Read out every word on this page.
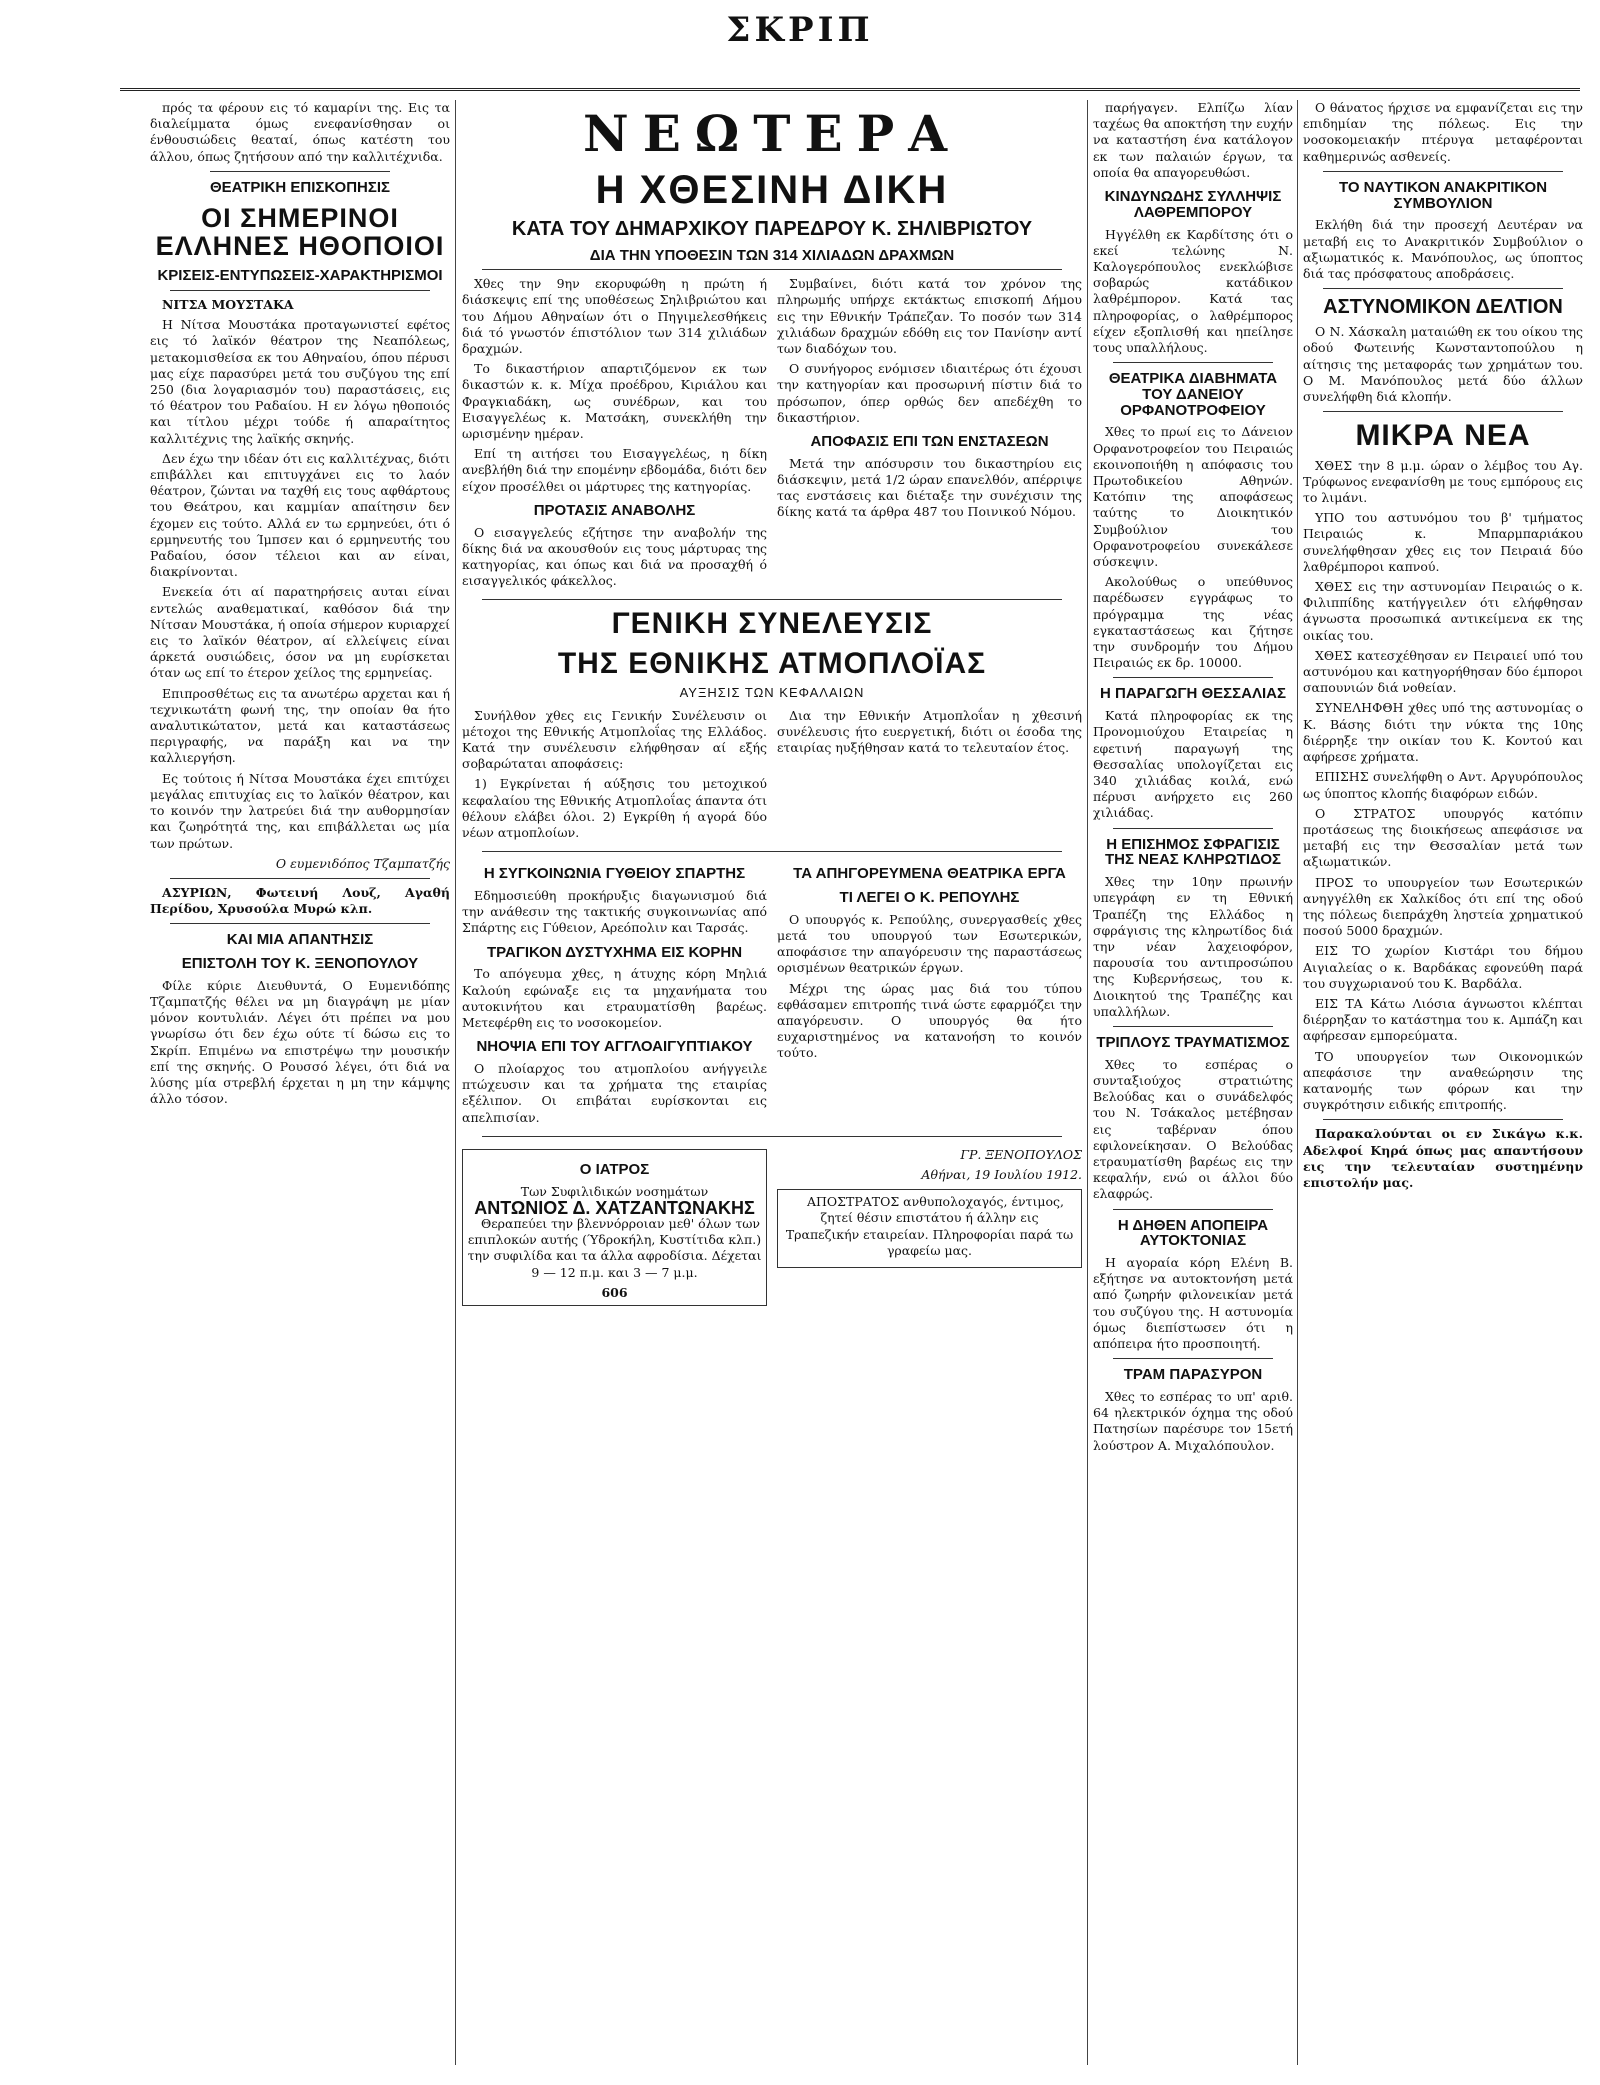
ΣΚΡΙΠ

πρός τα φέρουν εις τό καμαρίνι της. Εις τα διαλείμματα όμως ενεφανίσθησαν οι ένθουσιώδεις θεαταί, όπως κατέστη του άλλου, όπως ζητήσουν από την καλλιτέχνιδα.

ΘΕΑΤΡΙΚΗ ΕΠΙΣΚΟΠΗΣΙΣ
ΟΙ ΣΗΜΕΡΙΝΟΙ ΕΛΛΗΝΕΣ ΗΘΟΠΟΙΟΙ
ΚΡΙΣΕΙΣ-ΕΝΤΥΠΩΣΕΙΣ-ΧΑΡΑΚΤΗΡΙΣΜΟΙ

ΝΙΤΣΑ ΜΟΥΣΤΑΚΑ

Η Νίτσα Μουστάκα προταγωνιστεί εφέτος εις τό λαϊκόν θέατρον της Νεαπόλεως, μετακομισθείσα εκ του Αθηναίου, όπου πέρυσι μας είχε παρασύρει μετά του συζύγου της επί 250 (δια λογαριασμόν του) παραστάσεις, εις τό θέατρον του Ραδαίου. Η εν λόγω ηθοποιός και τίτλου μέχρι τούδε ή απαραίτητος καλλιτέχνις της λαϊκής σκηνής.

Δεν έχω την ιδέαν ότι εις καλλιτέχνας, διότι επιβάλλει και επιτυγχάνει εις το λαόν θέατρον, ζώνται να ταχθή εις τους αφθάρτους του Θεάτρου, και καμμίαν απαίτησιν δεν έχομεν εις τούτο. Αλλά εν τω ερμηνεύει, ότι ό ερμηνευτής του Ίμπσεν και ό ερμηνευτής του Ραδαίου, όσον τέλειοι και αν είναι, διακρίνονται.

Ενεκεία ότι αί παρατηρήσεις αυται είναι εντελώς αναθεματικαί, καθόσον διά την Νίτσαν Μουστάκα, ή οποία σήμερον κυριαρχεί εις το λαϊκόν θέατρον, αί ελλείψεις είναι άρκετά ουσιώδεις, όσον να μη ευρίσκεται όταν ως επί το έτερον χείλος της ερμηνείας.

Επιπροσθέτως εις τα ανωτέρω αρχεται και ή τεχνικωτάτη φωνή της, την οποίαν θα ήτο αναλυτικώτατον, μετά και καταστάσεως περιγραφής, να παράξη και να την καλλιεργήση.

Ες τούτοις ή Νίτσα Μουστάκα έχει επιτύχει μεγάλας επιτυχίας εις το λαϊκόν θέατρον, και το κοινόν την λατρεύει διά την αυθορμησίαν και ζωηρότητά της, και επιβάλλεται ως μία των πρώτων.

Ο ευμενιδόπος Τζαμπατζής

ΑΣΥΡΙΩΝ, Φωτεινή Λουζ, Αγαθή Περίδου, Χρυσούλα Μυρώ κλπ.

ΚΑΙ ΜΙΑ ΑΠΑΝΤΗΣΙΣ
ΕΠΙΣΤΟΛΗ ΤΟΥ Κ. ΞΕΝΟΠΟΥΛΟΥ

Φίλε κύριε Διευθυντά, Ο Ευμενιδόπης Τζαμπατζής θέλει να μη διαγράψη με μίαν μόνον κοντυλιάν. Λέγει ότι πρέπει να μου γνωρίσω ότι δεν έχω ούτε τί δώσω εις το Σκρίπ. Επιμένω να επιστρέψω την μουσικήν επί της σκηνής. Ο Ρουσσό λέγει, ότι διά να λύσης μία στρεβλή έρχεται η μη την κάμψης άλλο τόσον.

ΝΕΩΤΕΡΑ
Η ΧΘΕΣΙΝΗ ΔΙΚΗ
ΚΑΤΑ ΤΟΥ ΔΗΜΑΡΧΙΚΟΥ ΠΑΡΕΔΡΟΥ Κ. ΣΗΛΙΒΡΙΩΤΟΥ
ΔΙΑ ΤΗΝ ΥΠΟΘΕΣΙΝ ΤΩΝ 314 ΧΙΛΙΑΔΩΝ ΔΡΑΧΜΩΝ

Χθες την 9ην εκορυφώθη η πρώτη ή διάσκεψις επί της υποθέσεως Σηλιβριώτου και του Δήμου Αθηναίων ότι ο Πηγιμελεσθήκεις διά τό γνωστόν έπιστόλιον των 314 χιλιάδων δραχμών.

Το δικαστήριον απαρτιζόμενον εκ των δικαστών κ. κ. Μίχα προέδρου, Κιριάλου και Φραγκιαδάκη, ως συνέδρων, και του Εισαγγελέως κ. Ματσάκη, συνεκλήθη την ωρισμένην ημέραν.

Επί τη αιτήσει του Εισαγγελέως, η δίκη ανεβλήθη διά την επομένην εβδομάδα, διότι δεν είχον προσέλθει οι μάρτυρες της κατηγορίας.

ΠΡΟΤΑΣΙΣ ΑΝΑΒΟΛΗΣ

Ο εισαγγελεύς εζήτησε την αναβολήν της δίκης διά να ακουσθούν εις τους μάρτυρας της κατηγορίας, και όπως και διά να προσαχθή ό εισαγγελικός φάκελλος.

Συμβαίνει, διότι κατά τον χρόνον της πληρωμής υπήρχε εκτάκτως επισκοπή Δήμου εις την Εθνικήν Τράπεζαν. Το ποσόν των 314 χιλιάδων δραχμών εδόθη εις τον Πανίσην αντί των διαδόχων του.

Ο συνήγορος ενόμισεν ιδιαιτέρως ότι έχουσι την κατηγορίαν και προσωρινή πίστιν διά το πρόσωπον, όπερ ορθώς δεν απεδέχθη το δικαστήριον.

ΑΠΟΦΑΣΙΣ ΕΠΙ ΤΩΝ ΕΝΣΤΑΣΕΩΝ

Μετά την απόσυρσιν του δικαστηρίου εις διάσκεψιν, μετά 1/2 ώραν επανελθόν, απέρριψε τας ενστάσεις και διέταξε την συνέχισιν της δίκης κατά τα άρθρα 487 του Ποινικού Νόμου.

ΓΕΝΙΚΗ ΣΥΝΕΛΕΥΣΙΣ
ΤΗΣ ΕΘΝΙΚΗΣ ΑΤΜΟΠΛΟΪΑΣ
ΑΥΞΗΣΙΣ ΤΩΝ ΚΕΦΑΛΑΙΩΝ

Συνήλθον χθες εις Γενικήν Συνέλευσιν οι μέτοχοι της Εθνικής Ατμοπλοΐας της Ελλάδος. Κατά την συνέλευσιν ελήφθησαν αί εξής σοβαρώταται αποφάσεις:

1) Εγκρίνεται ή αύξησις του μετοχικού κεφαλαίου της Εθνικής Ατμοπλοΐας άπαντα ότι θέλουν ελάβει όλοι. 2) Εγκρίθη ή αγορά δύο νέων ατμοπλοίων.

Δια την Εθνικήν Ατμοπλοΐαν η χθεσινή συνέλευσις ήτο ευεργετική, διότι οι έσοδα της εταιρίας ηυξήθησαν κατά το τελευταίον έτος.

Η ΣΥΓΚΟΙΝΩΝΙΑ ΓΥΘΕΙΟΥ ΣΠΑΡΤΗΣ

Εδημοσιεύθη προκήρυξις διαγωνισμού διά την ανάθεσιν της τακτικής συγκοινωνίας από Σπάρτης εις Γύθειον, Αρεόπολιν και Ταρσάς.

ΤΡΑΓΙΚΟΝ ΔΥΣΤΥΧΗΜΑ ΕΙΣ ΚΟΡΗΝ

Το απόγευμα χθες, η άτυχης κόρη Μηλιά Καλούη εφώναξε εις τα μηχανήματα του αυτοκινήτου και ετραυματίσθη βαρέως. Μετεφέρθη εις το νοσοκομείον.

ΝΗΟΨΙΑ ΕΠΙ ΤΟΥ ΑΓΓΛΟΑΙΓΥΠΤΙΑΚΟΥ

Ο πλοίαρχος του ατμοπλοίου ανήγγειλε πτώχευσιν και τα χρήματα της εταιρίας εξέλιπον. Οι επιβάται ευρίσκονται εις απελπισίαν.

ΤΑ ΑΠΗΓΟΡΕΥΜΕΝΑ ΘΕΑΤΡΙΚΑ ΕΡΓΑ
ΤΙ ΛΕΓΕΙ Ο Κ. ΡΕΠΟΥΛΗΣ

Ο υπουργός κ. Ρεπούλης, συνεργασθείς χθες μετά του υπουργού των Εσωτερικών, αποφάσισε την απαγόρευσιν της παραστάσεως ορισμένων θεατρικών έργων.

Μέχρι της ώρας μας διά του τύπου εφθάσαμεν επιτροπής τινά ώστε εφαρμόζει την απαγόρευσιν. Ο υπουργός θα ήτο ευχαριστημένος να κατανοήση το κοινόν τούτο.

Ο ΙΑΤΡΟΣ
Των Συφιλιδικών νοσημάτων
ΑΝΤΩΝΙΟΣ Δ. ΧΑΤΖΑΝΤΩΝΑΚΗΣ

Θεραπεύει την βλεννόρροιαν μεθ' όλων των επιπλοκών αυτής (Ύδροκήλη, Κυστίτιδα κλπ.) την συφιλίδα και τα άλλα αφροδίσια. Δέχεται 9 — 12 π.μ. και 3 — 7 μ.μ.

606
ΓΡ. ΞΕΝΟΠΟΥΛΟΣ
Αθήναι, 19 Ιουλίου 1912.

ΑΠΟΣΤΡΑΤΟΣ ανθυπολοχαγός, έντιμος, ζητεί θέσιν επιστάτου ή άλλην εις Τραπεζικήν εταιρείαν. Πληροφορίαι παρά τω γραφείω μας.

παρήγαγεν. Ελπίζω λίαν ταχέως θα αποκτήση την ευχήν να καταστήση ένα κατάλογον εκ των παλαιών έργων, τα οποία θα απαγορευθώσι.

ΚΙΝΔΥΝΩΔΗΣ ΣΥΛΛΗΨΙΣ ΛΑΘΡΕΜΠΟΡΟΥ

Ηγγέλθη εκ Καρδίτσης ότι ο εκεί τελώνης Ν. Καλογερόπουλος ενεκλώβισε σοβαρώς κατάδικον λαθρέμπορον. Κατά τας πληροφορίας, ο λαθρέμπορος είχεν εξοπλισθή και ηπείλησε τους υπαλλήλους.

ΘΕΑΤΡΙΚΑ ΔΙΑΒΗΜΑΤΑ ΤΟΥ ΔΑΝΕΙΟΥ ΟΡΦΑΝΟΤΡΟΦΕΙΟΥ

Χθες το πρωί εις το Δάνειον Ορφανοτροφείον του Πειραιώς εκοινοποιήθη η απόφασις του Πρωτοδικείου Αθηνών. Κατόπιν της αποφάσεως ταύτης το Διοικητικόν Συμβούλιον του Ορφανοτροφείου συνεκάλεσε σύσκεψιν.

Ακολούθως ο υπεύθυνος παρέδωσεν εγγράφως το πρόγραμμα της νέας εγκαταστάσεως και ζήτησε την συνδρομήν του Δήμου Πειραιώς εκ δρ. 10000.

Η ΠΑΡΑΓΩΓΗ ΘΕΣΣΑΛΙΑΣ

Κατά πληροφορίας εκ της Προνομιούχου Εταιρείας η εφετινή παραγωγή της Θεσσαλίας υπολογίζεται εις 340 χιλιάδας κοιλά, ενώ πέρυσι ανήρχετο εις 260 χιλιάδας.

Η ΕΠΙΣΗΜΟΣ ΣΦΡΑΓΙΣΙΣ ΤΗΣ ΝΕΑΣ ΚΛΗΡΩΤΙΔΟΣ

Χθες την 10ην πρωινήν υπεγράφη εν τη Εθνική Τραπέζη της Ελλάδος η σφράγισις της κληρωτίδος διά την νέαν λαχειοφόρον, παρουσία του αντιπροσώπου της Κυβερνήσεως, του κ. Διοικητού της Τραπέζης και υπαλλήλων.

ΤΡΙΠΛΟΥΣ ΤΡΑΥΜΑΤΙΣΜΟΣ

Χθες το εσπέρας ο συνταξιούχος στρατιώτης Βελούδας και ο συνάδελφός του Ν. Τσάκαλος μετέβησαν εις ταβέρναν όπου εφιλονείκησαν. Ο Βελούδας ετραυματίσθη βαρέως εις την κεφαλήν, ενώ οι άλλοι δύο ελαφρώς.

Η ΔΗΘΕΝ ΑΠΟΠΕΙΡΑ ΑΥΤΟΚΤΟΝΙΑΣ

Η αγοραία κόρη Ελένη Β. εξήτησε να αυτοκτονήση μετά από ζωηρήν φιλονεικίαν μετά του συζύγου της. Η αστυνομία όμως διεπίστωσεν ότι η απόπειρα ήτο προσποιητή.

ΤΡΑΜ ΠΑΡΑΣΥΡΟΝ

Χθες το εσπέρας το υπ' αριθ. 64 ηλεκτρικόν όχημα της οδού Πατησίων παρέσυρε τον 15ετή λούστρον Α. Μιχαλόπουλον.

Ο θάνατος ήρχισε να εμφανίζεται εις την επιδημίαν της πόλεως. Εις την νοσοκομειακήν πτέρυγα μεταφέρονται καθημερινώς ασθενείς.

ΤΟ ΝΑΥΤΙΚΟΝ ΑΝΑΚΡΙΤΙΚΟΝ ΣΥΜΒΟΥΛΙΟΝ

Εκλήθη διά την προσεχή Δευτέραν να μεταβή εις το Ανακριτικόν Συμβούλιον ο αξιωματικός κ. Μανόπουλος, ως ύποπτος διά τας πρόσφατους αποδράσεις.

ΑΣΤΥΝΟΜΙΚΟΝ ΔΕΛΤΙΟΝ

Ο Ν. Χάσκαλη ματαιώθη εκ του οίκου της οδού Φωτεινής Κωνσταντοπούλου η αίτησις της μεταφοράς των χρημάτων του. Ο Μ. Μανόπουλος μετά δύο άλλων συνελήφθη διά κλοπήν.

ΜΙΚΡΑ ΝΕΑ

ΧΘΕΣ την 8 μ.μ. ώραν ο λέμβος του Αγ. Τρύφωνος ενεφανίσθη με τους εμπόρους εις το λιμάνι.

ΥΠΟ του αστυνόμου του β' τμήματος Πειραιώς κ. Μπαρμπαριάκου συνελήφθησαν χθες εις τον Πειραιά δύο λαθρέμποροι καπνού.

ΧΘΕΣ εις την αστυνομίαν Πειραιώς ο κ. Φιλιππίδης κατήγγειλεν ότι ελήφθησαν άγνωστα προσωπικά αντικείμενα εκ της οικίας του.

ΧΘΕΣ κατεσχέθησαν εν Πειραιεί υπό του αστυνόμου και κατηγορήθησαν δύο έμποροι σαπουνιών διά νοθείαν.

ΣΥΝΕΛΗΦΘΗ χθες υπό της αστυνομίας ο Κ. Βάσης διότι την νύκτα της 10ης διέρρηξε την οικίαν του Κ. Κοντού και αφήρεσε χρήματα.

ΕΠΙΣΗΣ συνελήφθη ο Αντ. Αργυρόπουλος ως ύποπτος κλοπής διαφόρων ειδών.

Ο ΣΤΡΑΤΟΣ υπουργός κατόπιν προτάσεως της διοικήσεως απεφάσισε να μεταβή εις την Θεσσαλίαν μετά των αξιωματικών.

ΠΡΟΣ το υπουργείον των Εσωτερικών ανηγγέλθη εκ Χαλκίδος ότι επί της οδού της πόλεως διεπράχθη ληστεία χρηματικού ποσού 5000 δραχμών.

ΕΙΣ ΤΟ χωρίον Κιστάρι του δήμου Αιγιαλείας ο κ. Βαρδάκας εφονεύθη παρά του συγχωριανού του Κ. Βαρδάλα.

ΕΙΣ ΤΑ Κάτω Λιόσια άγνωστοι κλέπται διέρρηξαν το κατάστημα του κ. Αμπάζη και αφήρεσαν εμπορεύματα.

ΤΟ υπουργείον των Οικονομικών απεφάσισε την αναθεώρησιν της κατανομής των φόρων και την συγκρότησιν ειδικής επιτροπής.

Παρακαλούνται οι εν Σικάγω κ.κ. Αδελφοί Κηρά όπως μας απαντήσουν εις την τελευταίαν συστημένην επιστολήν μας.
